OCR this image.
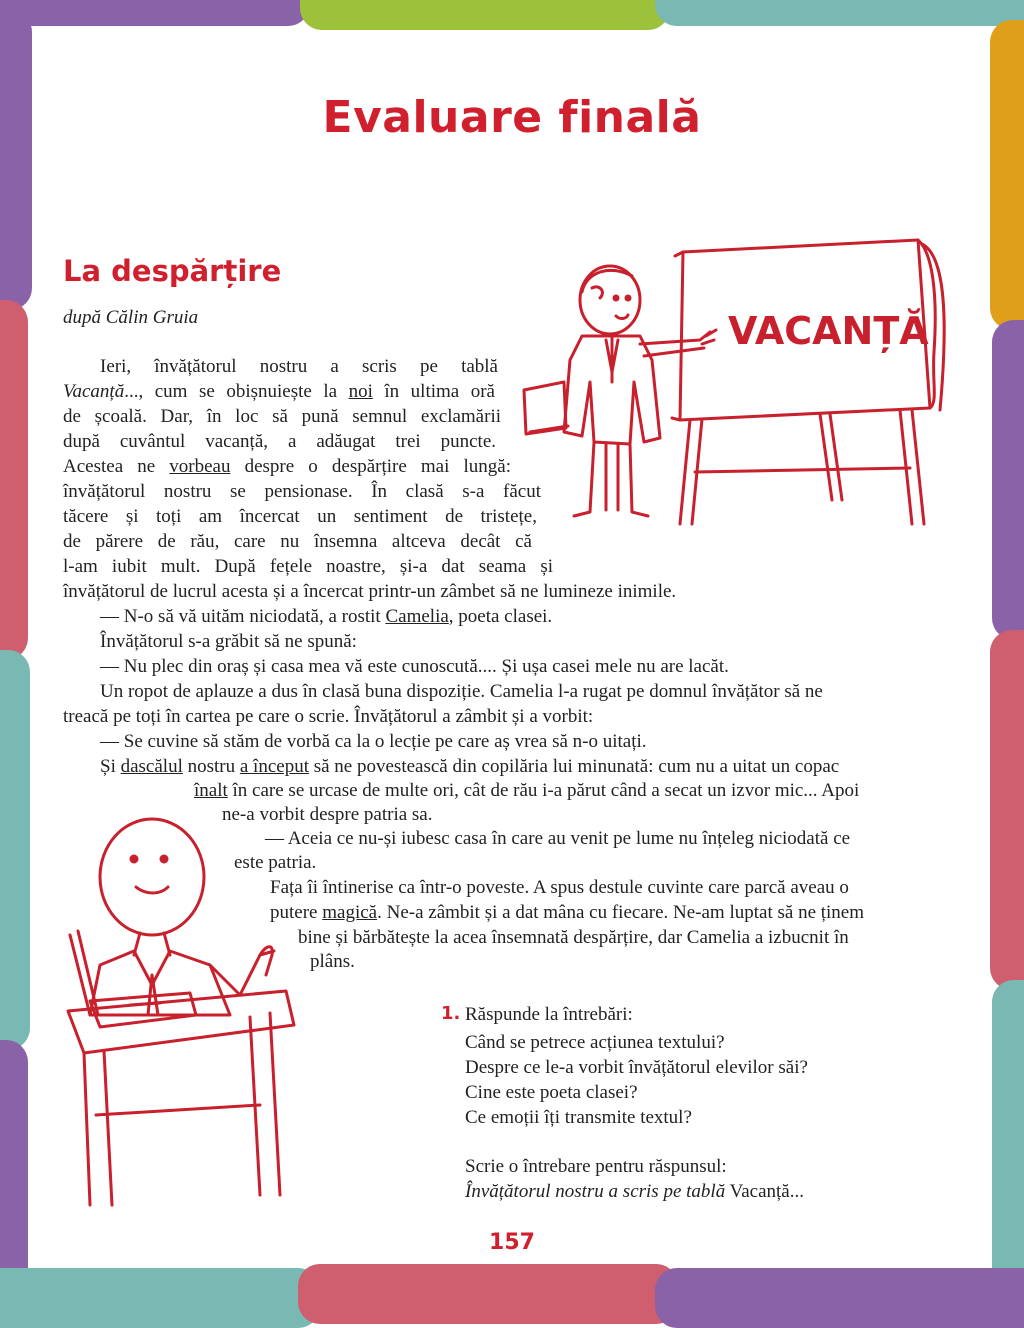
Evaluare finală
La despărțire
după Călin Gruia	VACANȚĂ
Ieri, învățătorul nostru a scris pe tablă
Vacanță..., cum se obișnuiește la noi în ultima oră
de școală. Dar, în loc să pună semnul exclamării
după cuvântul vacanță, a adăugat trei puncte.
Acestea ne vorbeau despre o despărțire mai lungă:
învățătorul nostru se pensionase. În clasă s-a făcut
tăcere și toți am încercat un sentiment de tristețe,
de părere de rău, care nu însemna altceva decât că
l-am iubit mult. După fețele noastre, și-a dat seama și
învățătorul de lucrul acesta și a încercat printr-un zâmbet să ne lumineze inimile.
— N-o să vă uităm niciodată, a rostit Camelia, poeta clasei.
Învățătorul s-a grăbit să ne spună:
— Nu plec din oraș și casa mea vă este cunoscută.... Și ușa casei mele nu are lacăt.
Un ropot de aplauze a dus în clasă buna dispoziție. Camelia l-a rugat pe domnul învățător să ne
treacă pe toți în cartea pe care o scrie. Învățătorul a zâmbit și a vorbit:
— Se cuvine să stăm de vorbă ca la o lecție pe care aș vrea să n-o uitați.
Și dascălul nostru a început să ne povestească din copilăria lui minunată: cum nu a uitat un copac
înalt în care se urcase de multe ori, cât de rău i-a părut când a secat un izvor mic... Apoi
ne-a vorbit despre patria sa.
— Aceia ce nu-și iubesc casa în care au venit pe lume nu înțeleg niciodată ce
este patria.
Fața îi întinerise ca într-o poveste. A spus destule cuvinte care parcă aveau o
putere magică. Ne-a zâmbit și a dat mâna cu fiecare. Ne-am luptat să ne ținem
bine și bărbătește la acea însemnată despărțire, dar Camelia a izbucnit în
plâns.
1. Răspunde la întrebări:
Când se petrece acțiunea textului?
Despre ce le-a vorbit învățătorul elevilor săi?
Cine este poeta clasei?
Ce emoții îți transmite textul?
Scrie o întrebare pentru răspunsul:
Învățătorul nostru a scris pe tablă Vacanță...
157
